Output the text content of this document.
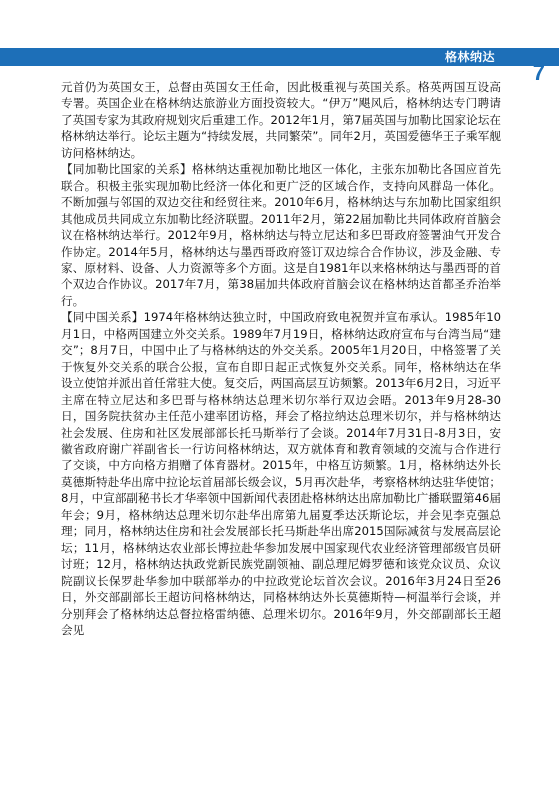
格林纳达
7

元首仍为英国女王，总督由英国女王任命，因此极重视与英国关系。格英两国互设高专署。英国企业在格林纳达旅游业方面投资较大。“伊万”飓风后，格林纳达专门聘请了英国专家为其政府规划灾后重建工作。2012年1月，第7届英国与加勒比国家论坛在格林纳达举行。论坛主题为“持续发展，共同繁荣”。同年2月，英国爱德华王子乘军舰访问格林纳达。

【同加勒比国家的关系】格林纳达重视加勒比地区一体化，主张东加勒比各国应首先联合。积极主张实现加勒比经济一体化和更广泛的区域合作，支持向风群岛一体化。不断加强与邻国的双边交往和经贸往来。2010年6月，格林纳达与东加勒比国家组织其他成员共同成立东加勒比经济联盟。2011年2月，第22届加勒比共同体政府首脑会议在格林纳达举行。2012年9月，格林纳达与特立尼达和多巴哥政府签署油气开发合作协定。2014年5月，格林纳达与墨西哥政府签订双边综合合作协议，涉及金融、专家、原材料、设备、人力资源等多个方面。这是自1981年以来格林纳达与墨西哥的首个双边合作协议。2017年7月，第38届加共体政府首脑会议在格林纳达首都圣乔治举行。

【同中国关系】1974年格林纳达独立时，中国政府致电祝贺并宣布承认。1985年10月1日，中格两国建立外交关系。1989年7月19日，格林纳达政府宣布与台湾当局“建交”；8月7日，中国中止了与格林纳达的外交关系。2005年1月20日，中格签署了关于恢复外交关系的联合公报，宣布自即日起正式恢复外交关系。同年，格林纳达在华设立使馆并派出首任常驻大使。复交后，两国高层互访频繁。2013年6月2日，习近平主席在特立尼达和多巴哥与格林纳达总理米切尔举行双边会晤。2013年9月28-30日，国务院扶贫办主任范小建率团访格，拜会了格拉纳达总理米切尔，并与格林纳达社会发展、住房和社区发展部部长托马斯举行了会谈。2014年7月31日-8月3日，安徽省政府谢广祥副省长一行访问格林纳达，双方就体育和教育领域的交流与合作进行了交谈，中方向格方捐赠了体育器材。2015年，中格互访频繁。1月，格林纳达外长莫德斯特赴华出席中拉论坛首届部长级会议，5月再次赴华，考察格林纳达驻华使馆；8月，中宣部副秘书长才华率领中国新闻代表团赴格林纳达出席加勒比广播联盟第46届年会；9月，格林纳达总理米切尔赴华出席第九届夏季达沃斯论坛，并会见李克强总理；同月，格林纳达住房和社会发展部长托马斯赴华出席2015国际减贫与发展高层论坛；11月，格林纳达农业部长博拉赴华参加发展中国家现代农业经济管理部级官员研讨班；12月，格林纳达执政党新民族党副领袖、副总理尼姆罗德和该党众议员、众议院副议长保罗赴华参加中联部举办的中拉政党论坛首次会议。2016年3月24日至26日，外交部副部长王超访问格林纳达，同格林纳达外长莫德斯特—柯温举行会谈，并分别拜会了格林纳达总督拉格雷纳德、总理米切尔。2016年9月，外交部副部长王超会见
